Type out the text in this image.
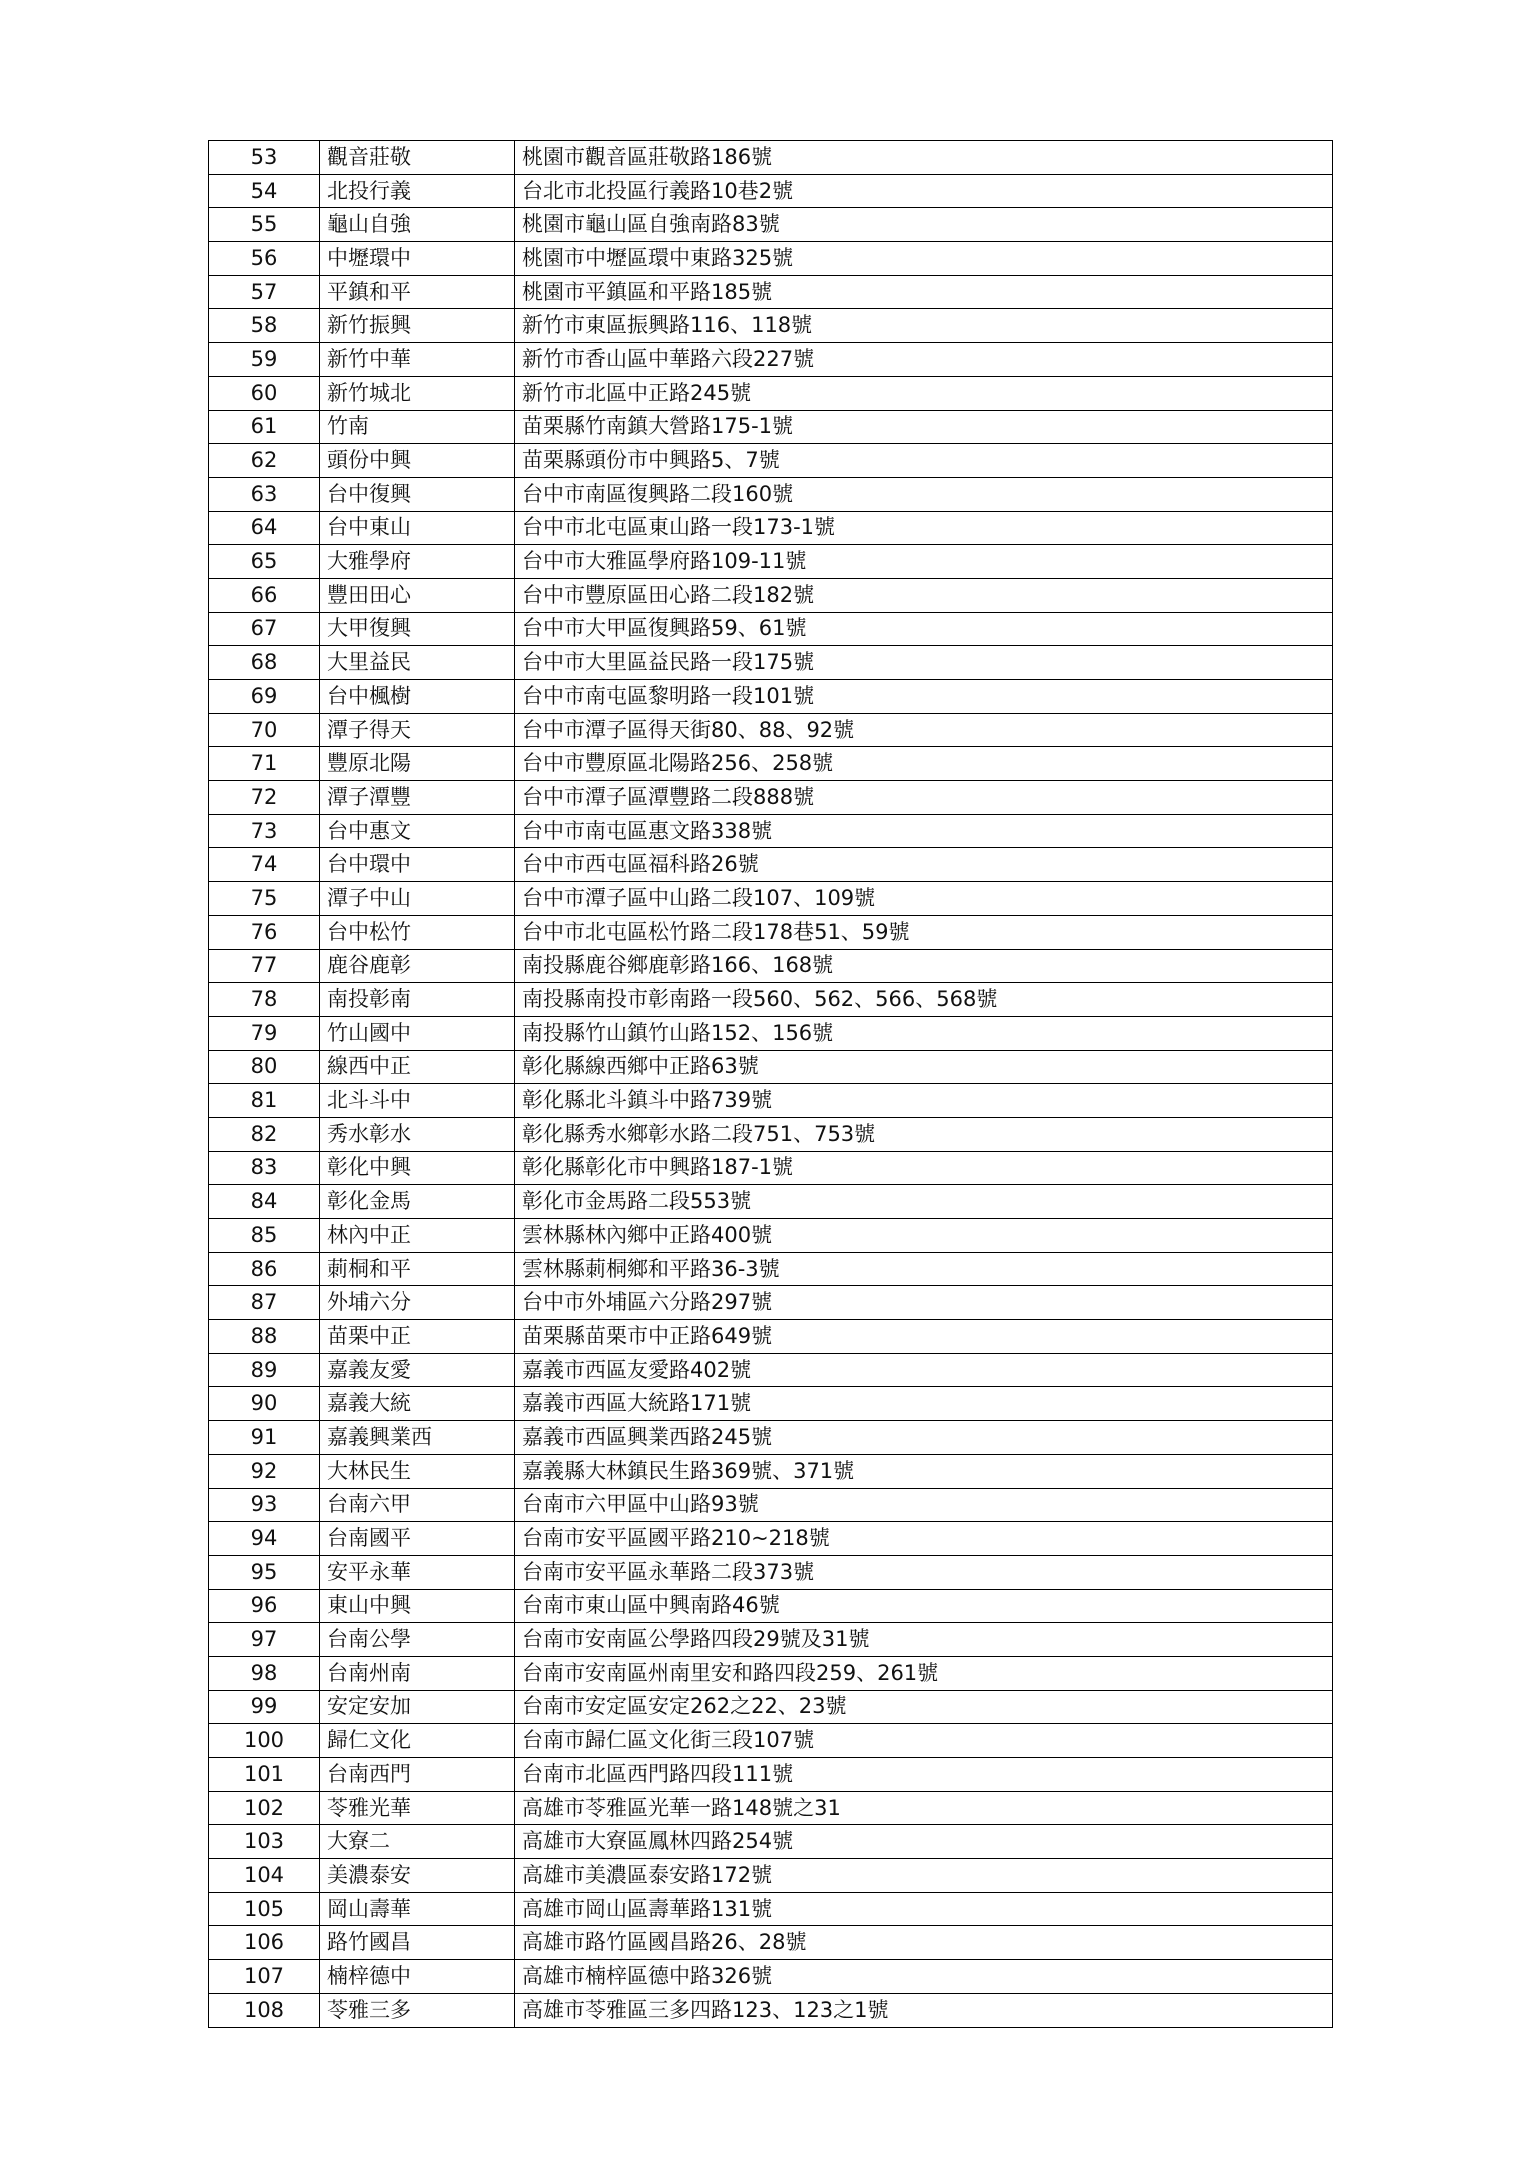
53	觀音莊敬	桃園市觀音區莊敬路186號
54	北投行義	台北市北投區行義路10巷2號
55	龜山自強	桃園市龜山區自強南路83號
56	中壢環中	桃園市中壢區環中東路325號
57	平鎮和平	桃園市平鎮區和平路185號
58	新竹振興	新竹市東區振興路116、118號
59	新竹中華	新竹市香山區中華路六段227號
60	新竹城北	新竹市北區中正路245號
61	竹南	苗栗縣竹南鎮大營路175-1號
62	頭份中興	苗栗縣頭份市中興路5、7號
63	台中復興	台中市南區復興路二段160號
64	台中東山	台中市北屯區東山路一段173-1號
65	大雅學府	台中市大雅區學府路109-11號
66	豐田田心	台中市豐原區田心路二段182號
67	大甲復興	台中市大甲區復興路59、61號
68	大里益民	台中市大里區益民路一段175號
69	台中楓樹	台中市南屯區黎明路一段101號
70	潭子得天	台中市潭子區得天街80、88、92號
71	豐原北陽	台中市豐原區北陽路256、258號
72	潭子潭豐	台中市潭子區潭豐路二段888號
73	台中惠文	台中市南屯區惠文路338號
74	台中環中	台中市西屯區福科路26號
75	潭子中山	台中市潭子區中山路二段107、109號
76	台中松竹	台中市北屯區松竹路二段178巷51、59號
77	鹿谷鹿彰	南投縣鹿谷鄉鹿彰路166、168號
78	南投彰南	南投縣南投市彰南路一段560、562、566、568號
79	竹山國中	南投縣竹山鎮竹山路152、156號
80	線西中正	彰化縣線西鄉中正路63號
81	北斗斗中	彰化縣北斗鎮斗中路739號
82	秀水彰水	彰化縣秀水鄉彰水路二段751、753號
83	彰化中興	彰化縣彰化市中興路187-1號
84	彰化金馬	彰化市金馬路二段553號
85	林內中正	雲林縣林內鄉中正路400號
86	莿桐和平	雲林縣莿桐鄉和平路36-3號
87	外埔六分	台中市外埔區六分路297號
88	苗栗中正	苗栗縣苗栗市中正路649號
89	嘉義友愛	嘉義市西區友愛路402號
90	嘉義大統	嘉義市西區大統路171號
91	嘉義興業西	嘉義市西區興業西路245號
92	大林民生	嘉義縣大林鎮民生路369號、371號
93	台南六甲	台南市六甲區中山路93號
94	台南國平	台南市安平區國平路210~218號
95	安平永華	台南市安平區永華路二段373號
96	東山中興	台南市東山區中興南路46號
97	台南公學	台南市安南區公學路四段29號及31號
98	台南州南	台南市安南區州南里安和路四段259、261號
99	安定安加	台南市安定區安定262之22、23號
100	歸仁文化	台南市歸仁區文化街三段107號
101	台南西門	台南市北區西門路四段111號
102	苓雅光華	高雄市苓雅區光華一路148號之31
103	大寮二	高雄市大寮區鳳林四路254號
104	美濃泰安	高雄市美濃區泰安路172號
105	岡山壽華	高雄市岡山區壽華路131號
106	路竹國昌	高雄市路竹區國昌路26、28號
107	楠梓德中	高雄市楠梓區德中路326號
108	苓雅三多	高雄市苓雅區三多四路123、123之1號
